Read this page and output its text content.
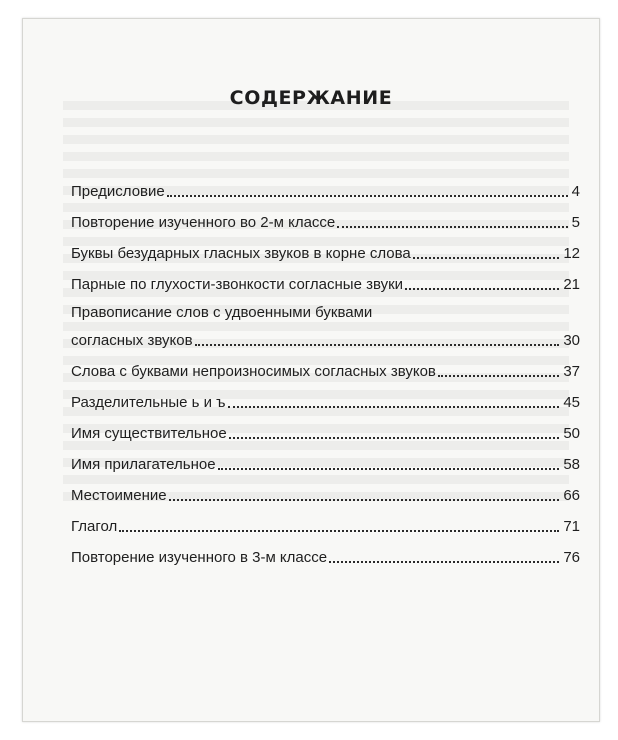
СОДЕРЖАНИЕ
Предисловие	4
Повторение изученного во 2-м классе	5
Буквы безударных гласных звуков в корне слова	12
Парные по глухости-звонкости согласные звуки	21
Правописание слов с удвоенными буквами
согласных звуков	30
Слова с буквами непроизносимых согласных звуков	37
Разделительные ь и ъ	45
Имя существительное	50
Имя прилагательное	58
Местоимение	66
Глагол	71
Повторение изученного в 3-м классе	76
